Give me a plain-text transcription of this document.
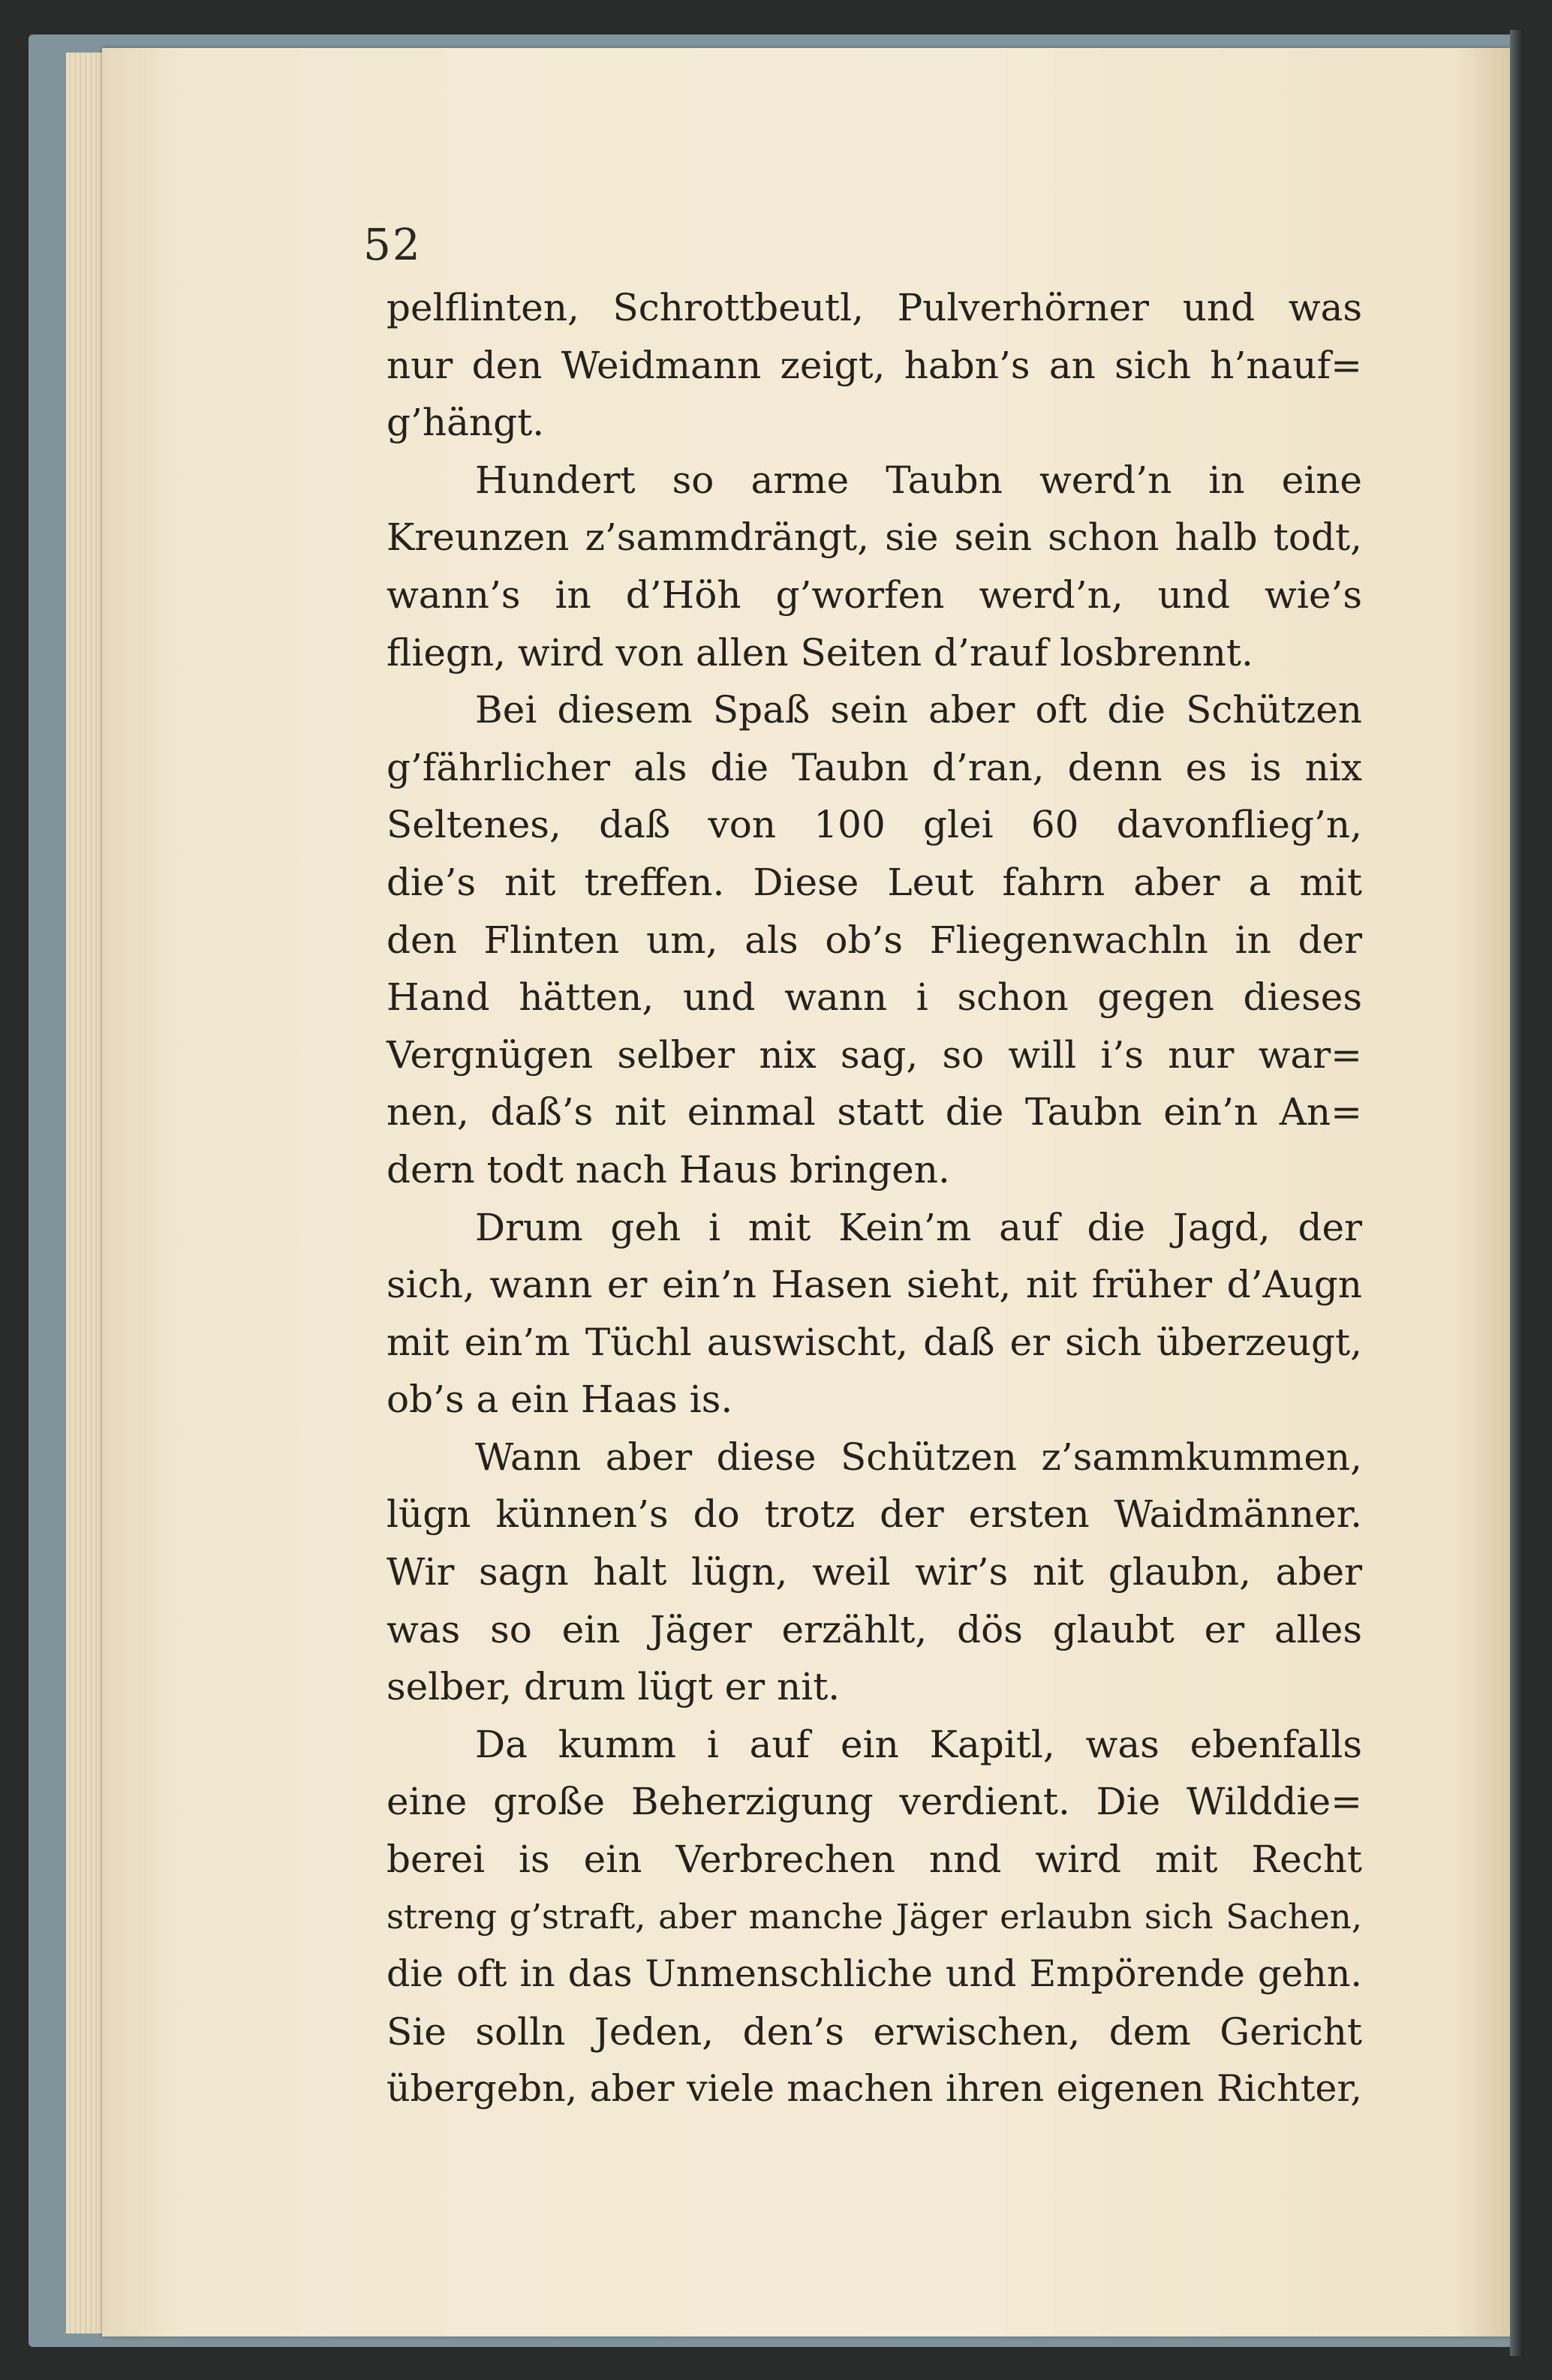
52
pelflinten, Schrottbeutl, Pulverhörner und was
nur den Weidmann zeigt, habn’s an sich h’nauf=
g’hängt.
Hundert so arme Taubn werd’n in eine
Kreunzen z’sammdrängt, sie sein schon halb todt,
wann’s in d’Höh g’worfen werd’n, und wie’s
fliegn, wird von allen Seiten d’rauf losbrennt.
Bei diesem Spaß sein aber oft die Schützen
g’fährlicher als die Taubn d’ran, denn es is nix
Seltenes, daß von 100 glei 60 davonflieg’n,
die’s nit treffen. Diese Leut fahrn aber a mit
den Flinten um, als ob’s Fliegenwachln in der
Hand hätten, und wann i schon gegen dieses
Vergnügen selber nix sag, so will i’s nur war=
nen, daß’s nit einmal statt die Taubn ein’n An=
dern todt nach Haus bringen.
Drum geh i mit Kein’m auf die Jagd, der
sich, wann er ein’n Hasen sieht, nit früher d’Augn
mit ein’m Tüchl auswischt, daß er sich überzeugt,
ob’s a ein Haas is.
Wann aber diese Schützen z’sammkummen,
lügn künnen’s do trotz der ersten Waidmänner.
Wir sagn halt lügn, weil wir’s nit glaubn, aber
was so ein Jäger erzählt, dös glaubt er alles
selber, drum lügt er nit.
Da kumm i auf ein Kapitl, was ebenfalls
eine große Beherzigung verdient. Die Wilddie=
berei is ein Verbrechen nnd wird mit Recht
streng g’straft, aber manche Jäger erlaubn sich Sachen,
die oft in das Unmenschliche und Empörende gehn.
Sie solln Jeden, den’s erwischen, dem Gericht
übergebn, aber viele machen ihren eigenen Richter,
